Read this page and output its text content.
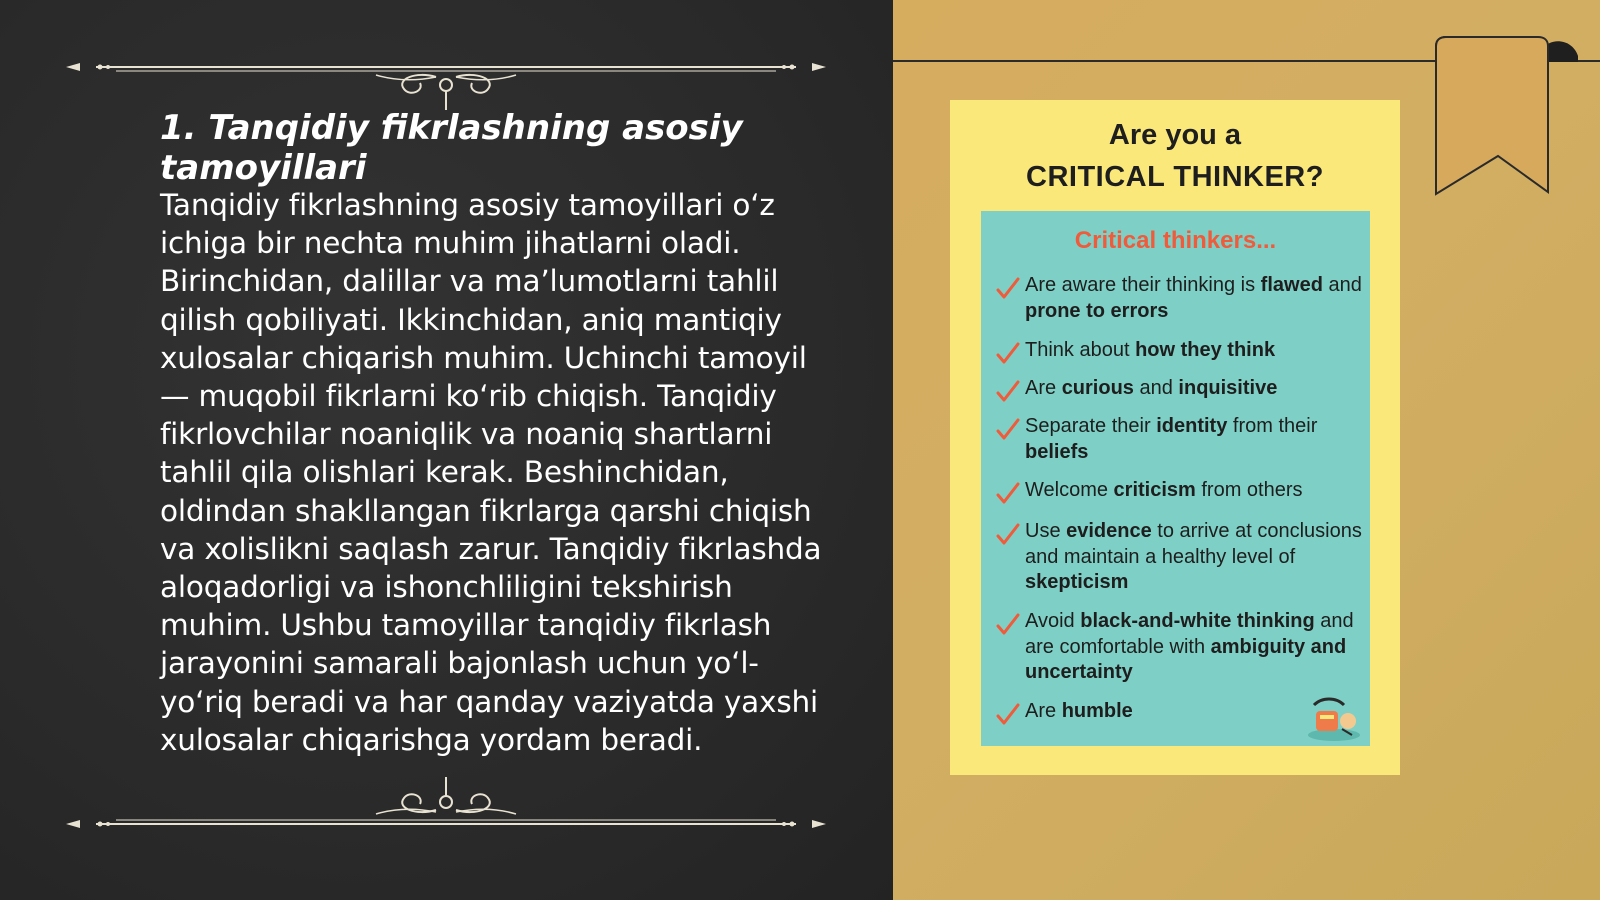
1. Tanqidiy fikrlashning asosiy tamoyillari

Tanqidiy fikrlashning asosiy tamoyillari o‘z ichiga bir nechta muhim jihatlarni oladi. Birinchidan, dalillar va ma’lumotlarni tahlil qilish qobiliyati. Ikkinchidan, aniq mantiqiy xulosalar chiqarish muhim. Uchinchi tamoyil — muqobil fikrlarni ko‘rib chiqish. Tanqidiy fikrlovchilar noaniqlik va noaniq shartlarni tahlil qila olishlari kerak. Beshinchidan, oldindan shakllangan fikrlarga qarshi chiqish va xolislikni saqlash zarur. Tanqidiy fikrlashda aloqadorligi va ishonchliligini tekshirish muhim. Ushbu tamoyillar tanqidiy fikrlash jarayonini samarali bajonlash uchun yo‘l-yo‘riq beradi va har qanday vaziyatda yaxshi xulosalar chiqarishga yordam beradi.

Are you a
CRITICAL THINKER?
Critical thinkers...
Are aware their thinking is flawed and prone to errors
Think about how they think
Are curious and inquisitive
Separate their identity from their beliefs
Welcome criticism from others
Use evidence to arrive at conclusions and maintain a healthy level of skepticism
Avoid black-and-white thinking and are comfortable with ambiguity and uncertainty
Are humble
